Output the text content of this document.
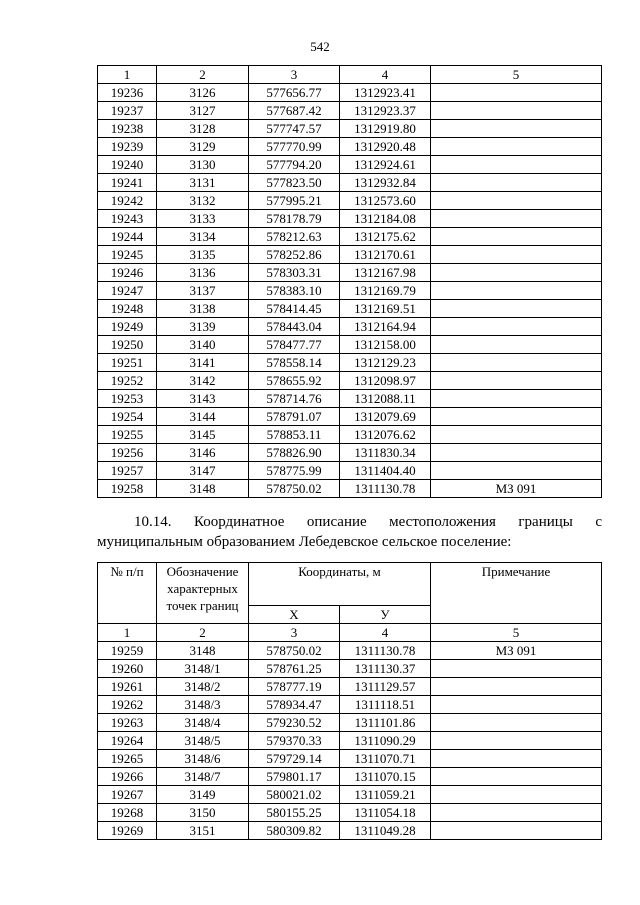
542
1	2	3	4	5
19236	3126	577656.77	1312923.41	
19237	3127	577687.42	1312923.37	
19238	3128	577747.57	1312919.80	
19239	3129	577770.99	1312920.48	
19240	3130	577794.20	1312924.61	
19241	3131	577823.50	1312932.84	
19242	3132	577995.21	1312573.60	
19243	3133	578178.79	1312184.08	
19244	3134	578212.63	1312175.62	
19245	3135	578252.86	1312170.61	
19246	3136	578303.31	1312167.98	
19247	3137	578383.10	1312169.79	
19248	3138	578414.45	1312169.51	
19249	3139	578443.04	1312164.94	
19250	3140	578477.77	1312158.00	
19251	3141	578558.14	1312129.23	
19252	3142	578655.92	1312098.97	
19253	3143	578714.76	1312088.11	
19254	3144	578791.07	1312079.69	
19255	3145	578853.11	1312076.62	
19256	3146	578826.90	1311830.34	
19257	3147	578775.99	1311404.40	
19258	3148	578750.02	1311130.78	МЗ 091
10.14. Координатное описание местоположения границы с
муниципальным образованием Лебедевское сельское поселение:
№ п/п	Обозначение характерных точек границ	Координаты, м		Примечание
		Х	У	
1	2	3	4	5
19259	3148	578750.02	1311130.78	МЗ 091
19260	3148/1	578761.25	1311130.37	
19261	3148/2	578777.19	1311129.57	
19262	3148/3	578934.47	1311118.51	
19263	3148/4	579230.52	1311101.86	
19264	3148/5	579370.33	1311090.29	
19265	3148/6	579729.14	1311070.71	
19266	3148/7	579801.17	1311070.15	
19267	3149	580021.02	1311059.21	
19268	3150	580155.25	1311054.18	
19269	3151	580309.82	1311049.28	
